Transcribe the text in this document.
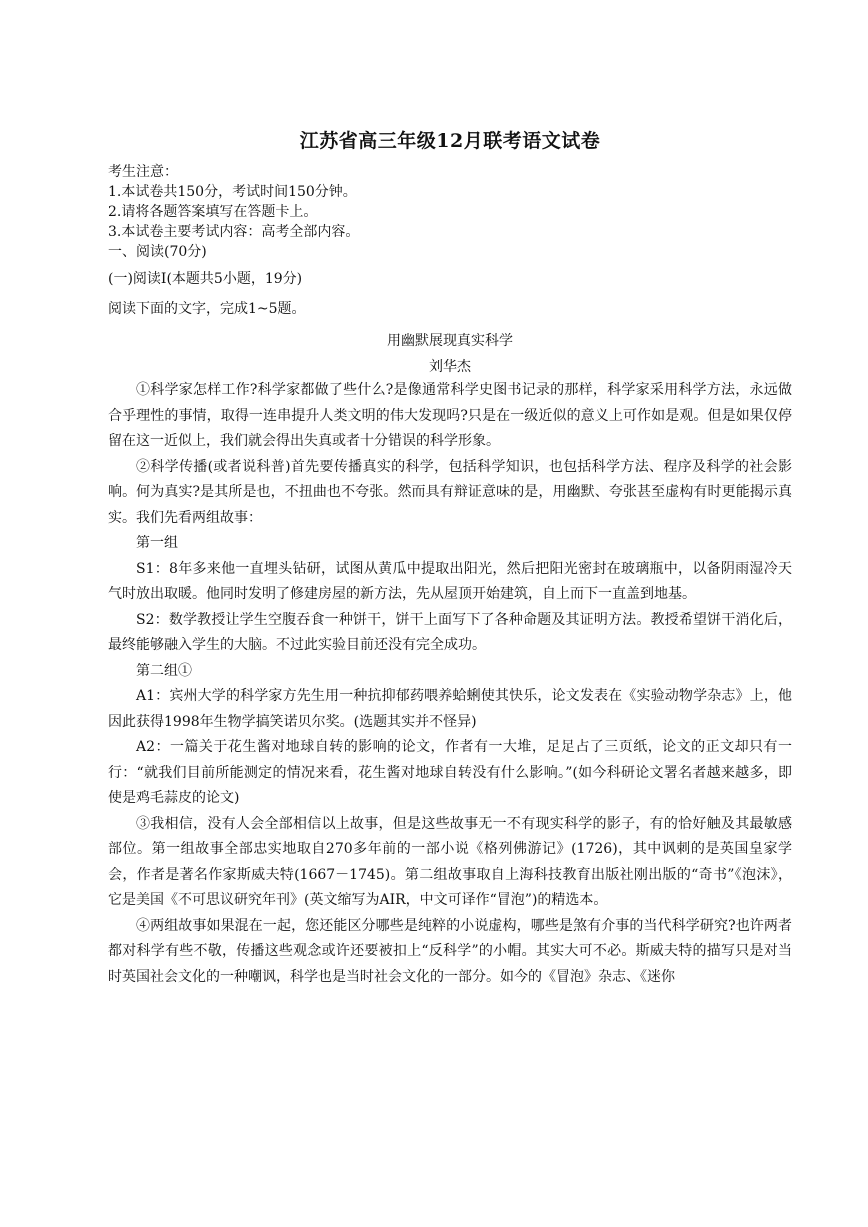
江苏省高三年级12月联考语文试卷

考生注意：

1.本试卷共150分，考试时间150分钟。

2.请将各题答案填写在答题卡上。

3.本试卷主要考试内容：高考全部内容。

一、阅读(70分)

(一)阅读Ⅰ(本题共5小题，19分)

阅读下面的文字，完成1~5题。

用幽默展现真实科学

刘华杰

①科学家怎样工作?科学家都做了些什么?是像通常科学史图书记录的那样，科学家采用科学方法，永远做合乎理性的事情，取得一连串提升人类文明的伟大发现吗?只是在一级近似的意义上可作如是观。但是如果仅停留在这一近似上，我们就会得出失真或者十分错误的科学形象。

②科学传播(或者说科普)首先要传播真实的科学，包括科学知识，也包括科学方法、程序及科学的社会影响。何为真实?是其所是也，不扭曲也不夸张。然而具有辩证意味的是，用幽默、夸张甚至虚构有时更能揭示真实。我们先看两组故事：

第一组

S1：8年多来他一直埋头钻研，试图从黄瓜中提取出阳光，然后把阳光密封在玻璃瓶中，以备阴雨湿冷天气时放出取暖。他同时发明了修建房屋的新方法，先从屋顶开始建筑，自上而下一直盖到地基。

S2：数学教授让学生空腹吞食一种饼干，饼干上面写下了各种命题及其证明方法。教授希望饼干消化后，最终能够融入学生的大脑。不过此实验目前还没有完全成功。

第二组①

A1：宾州大学的科学家方先生用一种抗抑郁药喂养蛤蜊使其快乐，论文发表在《实验动物学杂志》上，他因此获得1998年生物学搞笑诺贝尔奖。(选题其实并不怪异)

A2：一篇关于花生酱对地球自转的影响的论文，作者有一大堆，足足占了三页纸，论文的正文却只有一行：“就我们目前所能测定的情况来看，花生酱对地球自转没有什么影响。”(如今科研论文署名者越来越多，即使是鸡毛蒜皮的论文)

③我相信，没有人会全部相信以上故事，但是这些故事无一不有现实科学的影子，有的恰好触及其最敏感部位。第一组故事全部忠实地取自270多年前的一部小说《格列佛游记》(1726)，其中讽刺的是英国皇家学会，作者是著名作家斯威夫特(1667－1745)。第二组故事取自上海科技教育出版社刚出版的“奇书”《泡沫》，它是美国《不可思议研究年刊》(英文缩写为AIR，中文可译作“冒泡”)的精选本。

④两组故事如果混在一起，您还能区分哪些是纯粹的小说虚构，哪些是煞有介事的当代科学研究?也许两者都对科学有些不敬，传播这些观念或许还要被扣上“反科学”的小帽。其实大可不必。斯威夫特的描写只是对当时英国社会文化的一种嘲讽，科学也是当时社会文化的一部分。如今的《冒泡》杂志、《迷你
